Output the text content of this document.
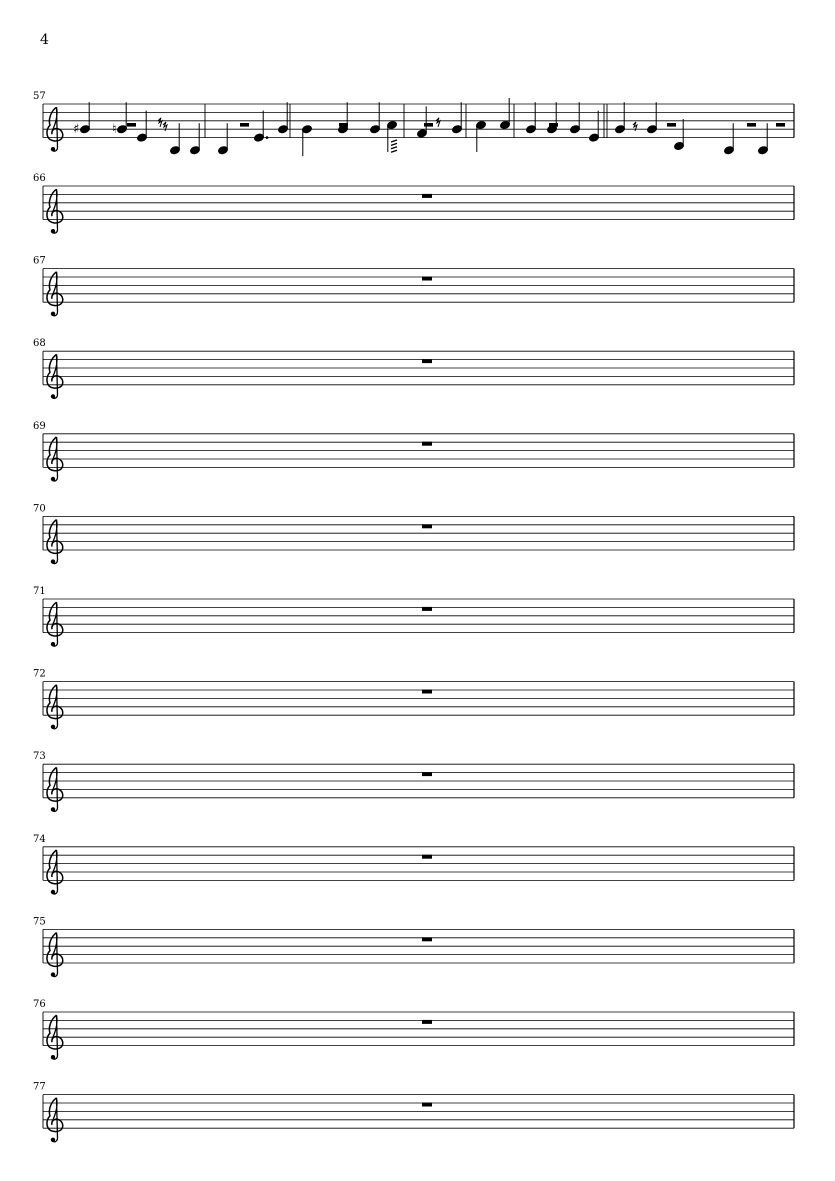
4
57
♯	♮
66
67
68
69
70
71
72
73
74
75
76
77
